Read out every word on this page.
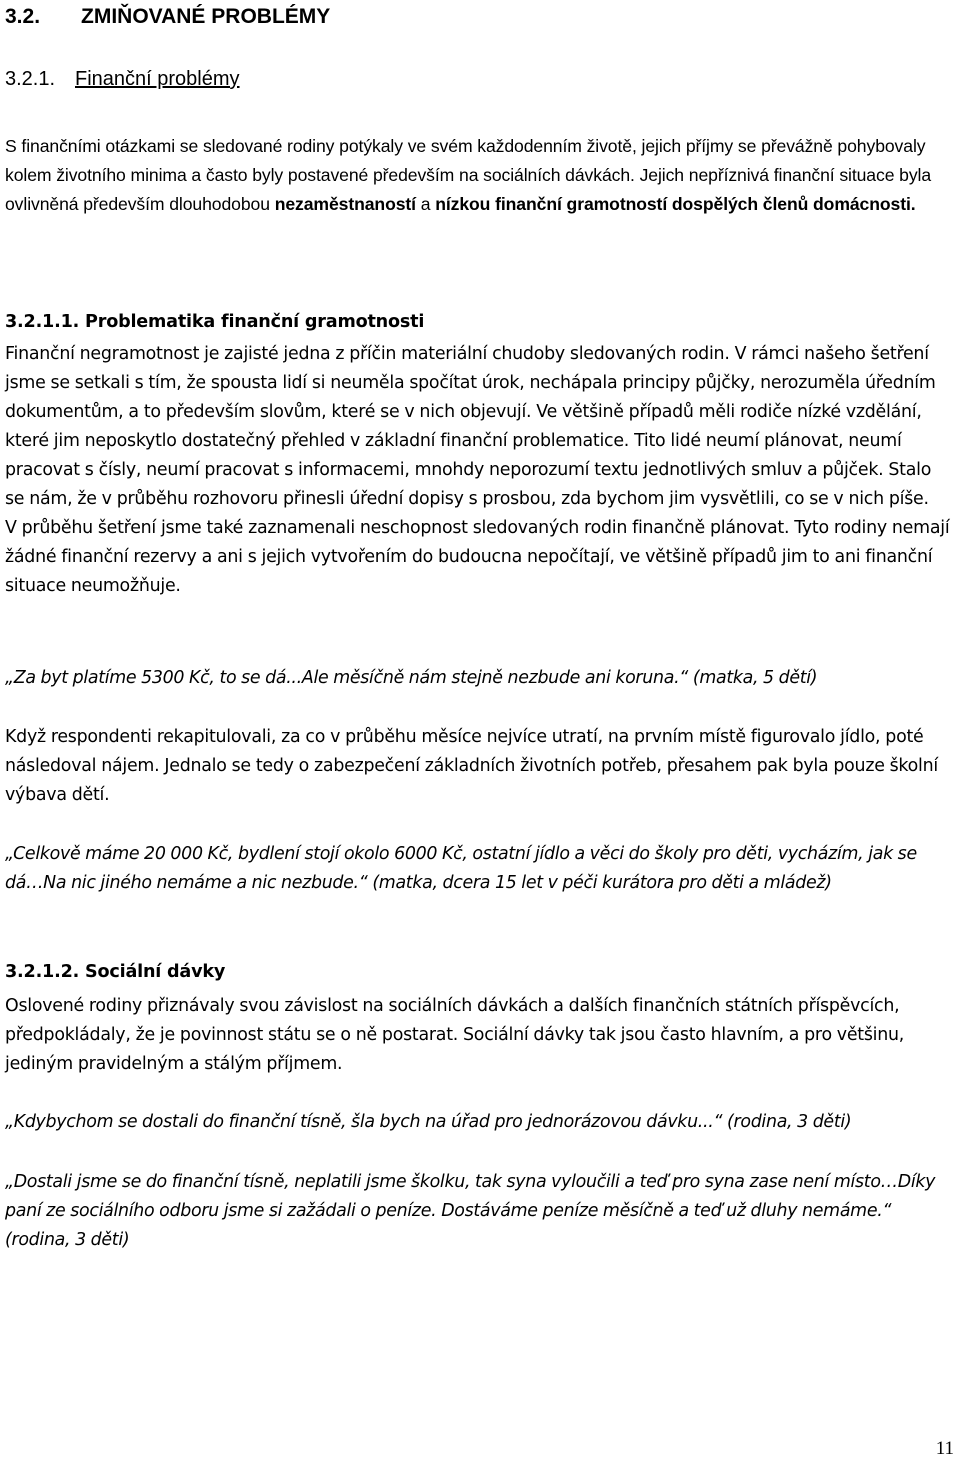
3.2. ZMIŇOVANÉ PROBLÉMY
3.2.1. Finanční problémy

S finančními otázkami se sledované rodiny potýkaly ve svém každodenním životě, jejich příjmy se převážně pohybovaly kolem životního minima a často byly postavené především na sociálních dávkách. Jejich nepříznivá finanční situace byla ovlivněná především dlouhodobou nezaměstnaností a nízkou finanční gramotností dospělých členů domácnosti.

3.2.1.1. Problematika finanční gramotnosti

Finanční negramotnost je zajisté jedna z příčin materiální chudoby sledovaných rodin. V rámci našeho šetření jsme se setkali s tím, že spousta lidí si neuměla spočítat úrok, nechápala principy půjčky, nerozuměla úředním dokumentům, a to především slovům, které se v nich objevují. Ve většině případů měli rodiče nízké vzdělání, které jim neposkytlo dostatečný přehled v základní finanční problematice. Tito lidé neumí plánovat, neumí pracovat s čísly, neumí pracovat s informacemi, mnohdy neporozumí textu jednotlivých smluv a půjček. Stalo se nám, že v průběhu rozhovoru přinesli úřední dopisy s prosbou, zda bychom jim vysvětlili, co se v nich píše.
V průběhu šetření jsme také zaznamenali neschopnost sledovaných rodin finančně plánovat. Tyto rodiny nemají žádné finanční rezervy a ani s jejich vytvořením do budoucna nepočítají, ve většině případů jim to ani finanční situace neumožňuje.

„Za byt platíme 5300 Kč, to se dá...Ale měsíčně nám stejně nezbude ani koruna.“ (matka, 5 dětí)

Když respondenti rekapitulovali, za co v průběhu měsíce nejvíce utratí, na prvním místě figurovalo jídlo, poté následoval nájem. Jednalo se tedy o zabezpečení základních životních potřeb, přesahem pak byla pouze školní výbava dětí.

„Celkově máme 20 000 Kč, bydlení stojí okolo 6000 Kč, ostatní jídlo a věci do školy pro děti, vycházím, jak se dá…Na nic jiného nemáme a nic nezbude.“ (matka, dcera 15 let v péči kurátora pro děti a mládež)

3.2.1.2. Sociální dávky

Oslovené rodiny přiznávaly svou závislost na sociálních dávkách a dalších finančních státních příspěvcích, předpokládaly, že je povinnost státu se o ně postarat. Sociální dávky tak jsou často hlavním, a pro většinu, jediným pravidelným a stálým příjmem.

„Kdybychom se dostali do finanční tísně, šla bych na úřad pro jednorázovou dávku...“ (rodina, 3 děti)

„Dostali jsme se do finanční tísně, neplatili jsme školku, tak syna vyloučili a teď pro syna zase není místo…Díky paní ze sociálního odboru jsme si zažádali o peníze. Dostáváme peníze měsíčně a teď už dluhy nemáme.“ (rodina, 3 děti)

11
